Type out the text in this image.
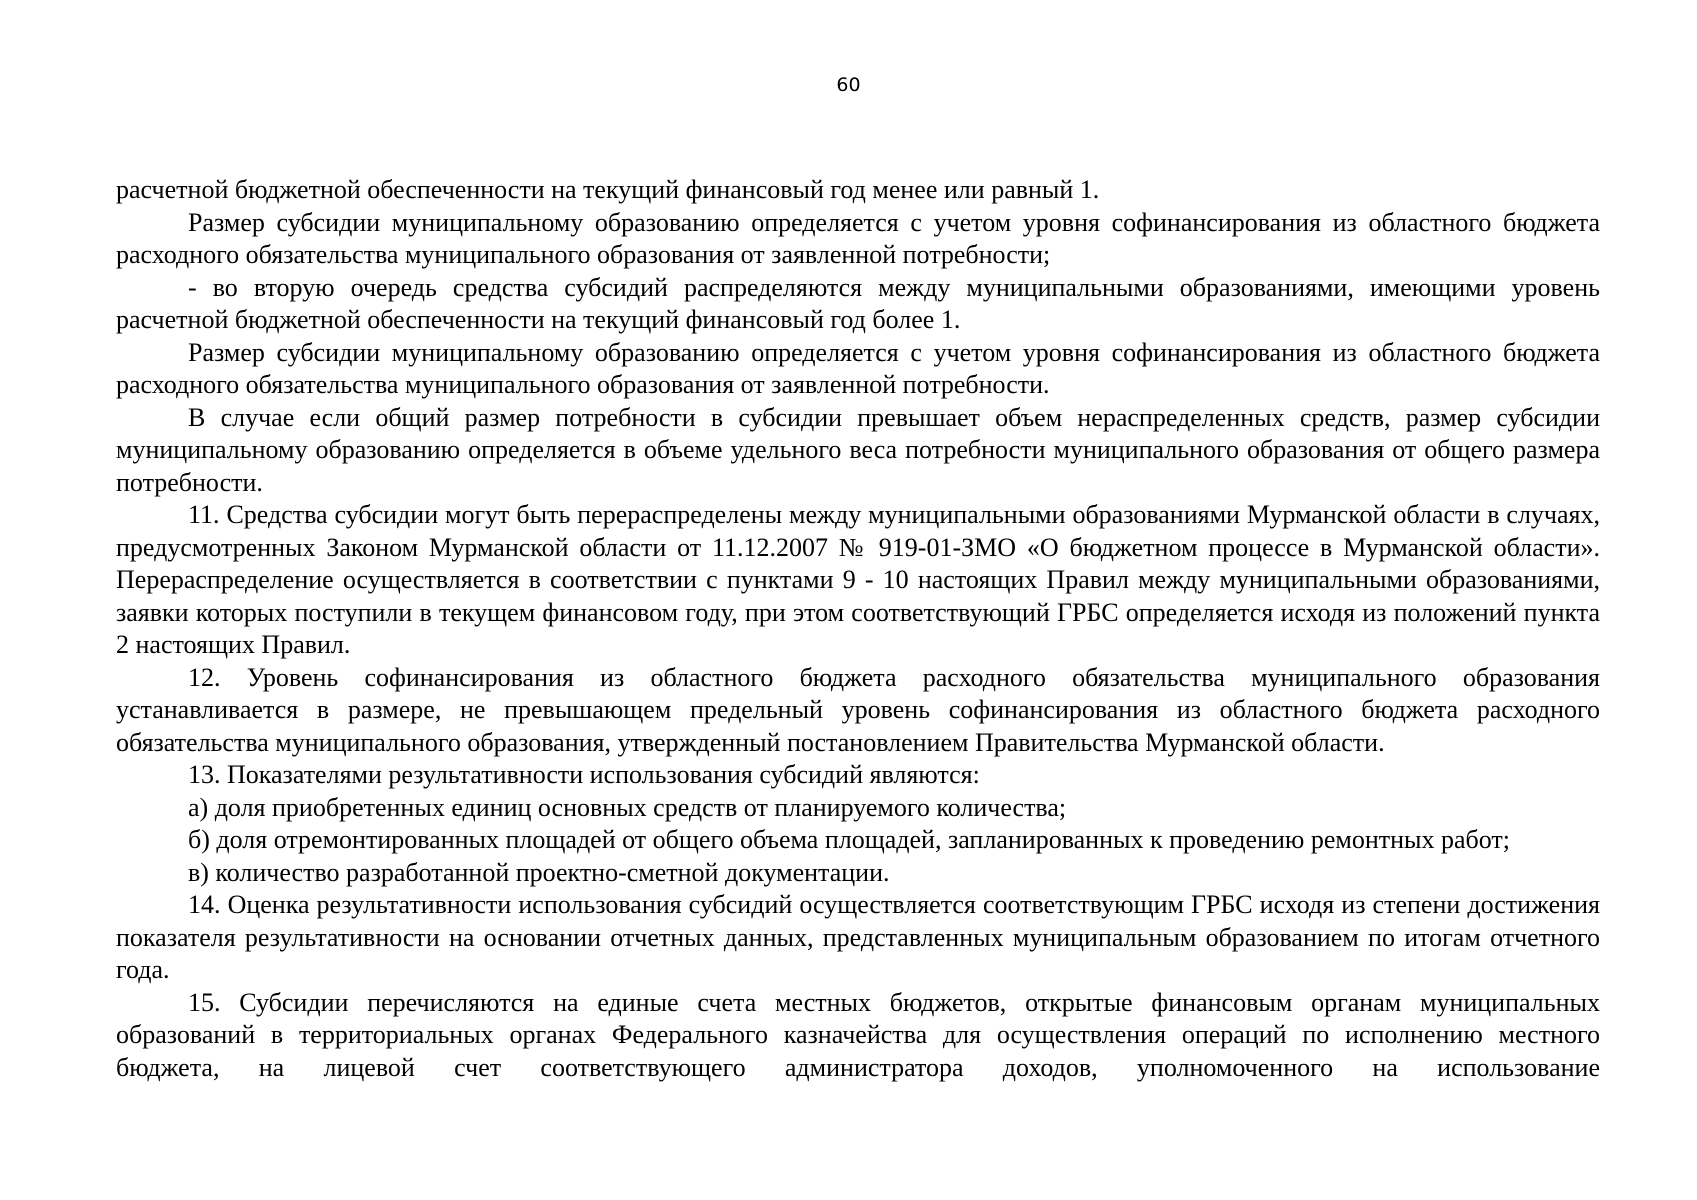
60

расчетной бюджетной обеспеченности на текущий финансовый год менее или равный 1.

Размер субсидии муниципальному образованию определяется с учетом уровня софинансирования из областного бюджета расходного обязательства муниципального образования от заявленной потребности;

- во вторую очередь средства субсидий распределяются между муниципальными образованиями, имеющими уровень расчетной бюджетной обеспеченности на текущий финансовый год более 1.

Размер субсидии муниципальному образованию определяется с учетом уровня софинансирования из областного бюджета расходного обязательства муниципального образования от заявленной потребности.

В случае если общий размер потребности в субсидии превышает объем нераспределенных средств, размер субсидии муниципальному образованию определяется в объеме удельного веса потребности муниципального образования от общего размера потребности.

11. Средства субсидии могут быть перераспределены между муниципальными образованиями Мурманской области в случаях, предусмотренных Законом Мурманской области от 11.12.2007 № 919-01-ЗМО «О бюджетном процессе в Мурманской области». Перераспределение осуществляется в соответствии с пунктами 9 - 10 настоящих Правил между муниципальными образованиями, заявки которых поступили в текущем финансовом году, при этом соответствующий ГРБС определяется исходя из положений пункта 2 настоящих Правил.

12. Уровень софинансирования из областного бюджета расходного обязательства муниципального образования устанавливается в размере, не превышающем предельный уровень софинансирования из областного бюджета расходного обязательства муниципального образования, утвержденный постановлением Правительства Мурманской области.

13. Показателями результативности использования субсидий являются:

а) доля приобретенных единиц основных средств от планируемого количества;

б) доля отремонтированных площадей от общего объема площадей, запланированных к проведению ремонтных работ;

в) количество разработанной проектно-сметной документации.

14. Оценка результативности использования субсидий осуществляется соответствующим ГРБС исходя из степени достижения показателя результативности на основании отчетных данных, представленных муниципальным образованием по итогам отчетного года.

15. Субсидии перечисляются на единые счета местных бюджетов, открытые финансовым органам муниципальных образований в территориальных органах Федерального казначейства для осуществления операций по исполнению местного бюджета, на лицевой счет соответствующего администратора доходов, уполномоченного на использование
